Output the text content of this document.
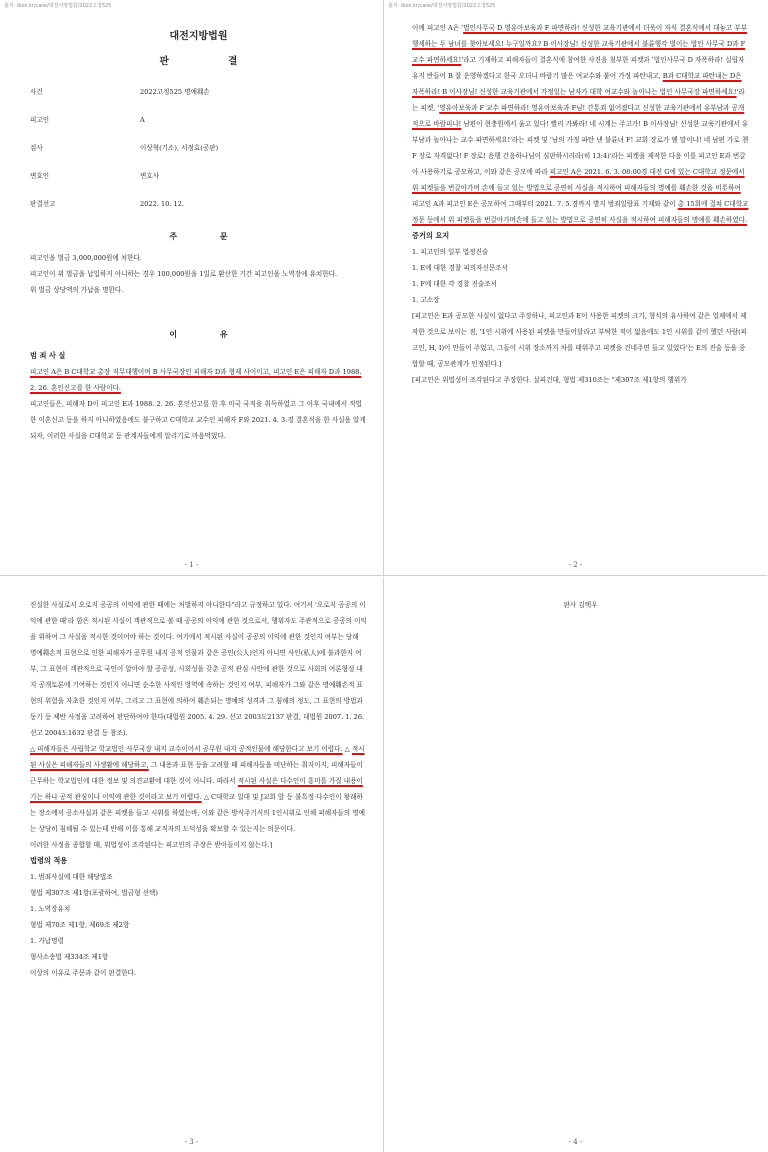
출처: lbox.kr/case/대전지방법원/2022고정525
대전지방법원
판 결
사건	2022고정525 명예훼손
피고인	A
검사	이상혁(기소), 서정효(공판)
변호인	변호사
판결선고	2022. 10. 12.
주 문

피고인을 벌금 3,000,000원에 처한다.

피고인이 위 벌금을 납입하지 아니하는 경우 100,000원을 1일로 환산한 기간 피고인을 노역장에 유치한다.

위 벌금 상당액의 가납을 명한다.

이 유
범 죄 사 실

피고인 A은 B C대학교 총장 직무대행이며 B 사무국장인 피해자 D과 형제 사이이고, 피고인 E은 피해자 D과 1988. 2. 26. 혼인신고를 한 사람이다.

피고인들은, 피해자 D이 피고인 E과 1988. 2. 26. 혼인신고를 한 후 미국 국적을 취득하였고 그 이후 국내에서 적법한 이혼신고 등을 하지 아니하였음에도 불구하고 C대학교 교수인 피해자 F와 2021. 4. 3.경 결혼식을 한 사실을 알게 되자, 이러한 사실을 C대학교 등 관계자들에게 알리기로 마음먹었다.

- 1 -
출처: lbox.kr/case/대전지방법원/2022고정525

이에 피고인 A은 '법인사무국 D 영유아보육과 F 파면하라! 신성한 교육기관에서 더욱이 자식 결혼식에서 대놓고 부부행세하는 두 남녀를 찾아보세요! 누구일까요? B 이사장님! 신성한 교육기관에서 불륜행각 벌이는 법인 사무국 D과 F 교수 파면하세요!'라고 기재하고 피해자들이 결혼식에 참여한 사진을 첨부한 피켓과 '법인사무국 D 자폭하라! 실립자 유지 반들어 B 잘 운영하겠다고 한국 오더니 바람기 많은 여교수와 붙어 가정 파탄내고, B과 C대학교 파탄내는 D은 자폭하라! B 이사장님! 신성한 교육기관에서 가정있는 남자가 대학 여교수와 놀아나는 법인 사무국장 파면하세요!'라는 피켓, '영유아보육과 F 교수 파면하라! 영유아보육과 F님! 간통죄 없어졌다고 신성한 교육기관에서 유부남과 공개적으로 바람피냐! 남편이 현충원에서 울고 있다! 빨리 가봐라! 네 시계는 주고가! B 이사장님! 신성한 교육기관에서 유부남과 놀아나는 교수 파면하세요!'라는 피켓 및 '남의 가정 파탄 낸 불륜녀 F! 교회 장로가 웬 말이냐! 네 남편 가로 챈 F 장로 자격없다! F 장로! 음행 간음하나님이 심판하시리라(히 13:4)'라는 피켓을 제작한 다음 이를 피고인 E과 번갈아 사용하기로 공모하고, 이와 같은 공모에 따라 피고인 A은 2021. 6. 3. 08:00경 대전 G에 있는 C대학교 정문에서 위 피켓들을 번갈아가며 손에 들고 있는 방법으로 공연히 사실을 적시하여 피해자들의 명예를 훼손한 것을 비롯하여 피고인 A과 피고인 E은 공모하여 그때부터 2021. 7. 5.경까지 별지 범죄일람표 기재와 같이 총 15회에 걸쳐 C대학교 정문 등에서 위 피켓들을 번갈아가며손에 들고 있는 방법으로 공연히 사실을 적시하여 피해자들의 명예를 훼손하였다.

증거의 요지

1. 피고인의 일부 법정진술

1. E에 대한 경찰 피의자신문조서

1. F에 대한 각 경찰 진술조서

1. 고소장

[피고인은 E과 공모한 사실이 없다고 주장하나, 피고인과 E이 사용한 피켓의 크기, 형식의 유사하여 같은 업체에서 제작한 것으로 보이는 점, '1인 시위에 사용된 피켓을 만들어달라고 부탁한 적이 없음에도 1인 시위를 같이 했던 사람(피고인, H, I)이 만들어 주었고, 그들이 시위 장소까지 차를 태워주고 피켓을 건네주면 들고 있었다'는 E의 진술 등을 종합할 때, 공모관계가 인정된다.]

[피고인은 위법성이 조각된다고 주장한다. 살피건대, 형법 제310조는 "제307조 제1항의 행위가

- 2 -

진실한 사실로서 오로지 공공의 이익에 관한 때에는 처벌하지 아니한다"라고 규정하고 있다. 여기서 '오로지 공공의 이익에 관한 때'라 함은 적시된 사실이 객관적으로 볼 때 공공의 이익에 관한 것으로서, 행위자도 주관적으로 공공의 이익을 위하여 그 사실을 적시한 것이어야 하는 것이다. 여기에서 적시된 사실이 공공의 이익에 관한 것인지 여부는 당해 명예훼손적 표현으로 인한 피해자가 공무원 내지 공적 인물과 같은 공인(公人)인지 아니면 사인(私人)에 불과한지 여부, 그 표현이 객관적으로 국민이 알아야 할 공공성, 사회성을 갖춘 공적 관심 사안에 관한 것으로 사회의 여론형성 내지 공개토론에 기여하는 것인지 아니면 순수한 사적인 영역에 속하는 것인지 여부, 피해자가 그와 같은 명예훼손적 표현의 위험을 자초한 것인지 여부, 그리고 그 표현에 의하여 훼손되는 명예의 성격과 그 침해의 정도, 그 표현의 방법과 동기 등 제반 사정을 고려하여 판단하여야 한다(대법원 2005. 4. 29. 선고 2003도2137 판결, 대법원 2007. 1. 26. 선고 2004도1632 판결 등 참조).

△ 피해자들은 사립학교 학교법인 사무국장 내지 교수이어서 공무원 내지 공적인물에 해당한다고 보기 어렵다. △ 적시된 사실은 피해자들의 사생활에 해당하고, 그 내용과 표현 등을 고려할 때 피해자들을 비난하는 취지이지, 피해자들이 근무하는 학교법인에 대한 정보 및 의견교환에 대한 것이 아니다. 따라서 적시된 사실은 다수인이 흥미를 가질 내용이기는 하나 공적 관심이나 이익에 관한 것이라고 보기 어렵다. △ C대학교 일대 및 J교회 앞 등 불특정·다수인이 왕래하는 장소에서 공소사실과 같은 피켓을 들고 시위를 하였는바, 이와 같은 방식주기식의 1인시위로 인해 피해자들의 명예는 상당히 침해될 수 있는데 반해 이를 통해 교직자의 도덕성을 확보할 수 있는지는 의문이다.

이러한 사정을 종합할 때, 위법성이 조각된다는 피고인의 주장은 받아들이지 않는다.]

법령의 적용

1. 범죄사실에 대한 해당법조

형법 제307조 제1항(포괄하여, 벌금형 선택)

1. 노역장유치

형법 제70조 제1항, 제69조 제2항

1. 가납명령

형사소송법 제334조 제1항

이상의 이유로 주문과 같이 판결한다.

- 3 -
판사 김택우
- 4 -
